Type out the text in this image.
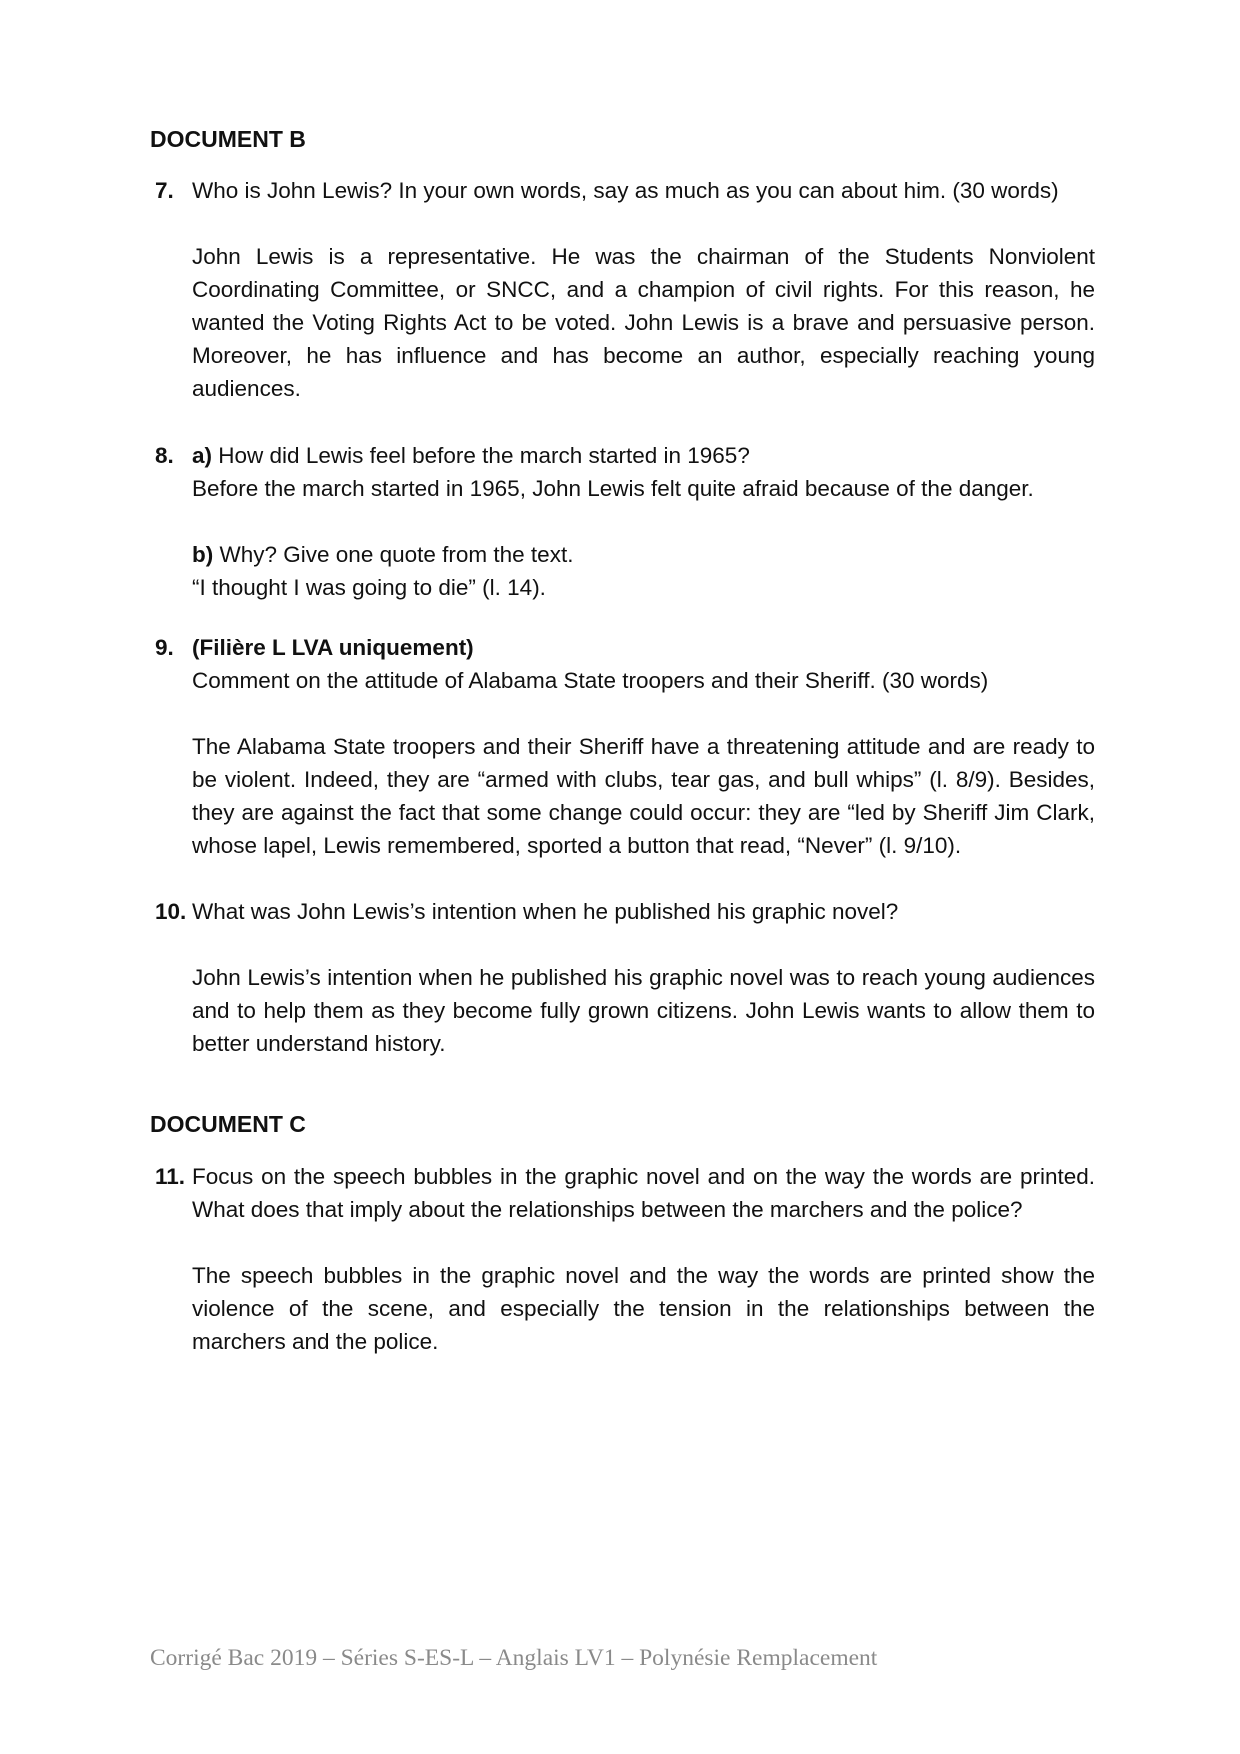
DOCUMENT B
7. Who is John Lewis? In your own words, say as much as you can about him. (30 words)

John Lewis is a representative. He was the chairman of the Students Nonviolent Coordinating Committee, or SNCC, and a champion of civil rights. For this reason, he wanted the Voting Rights Act to be voted. John Lewis is a brave and persuasive person. Moreover, he has influence and has become an author, especially reaching young audiences.

8. a) How did Lewis feel before the march started in 1965?

Before the march started in 1965, John Lewis felt quite afraid because of the danger.

b) Why? Give one quote from the text.

“I thought I was going to die” (l. 14).

9. (Filière L LVA uniquement)

Comment on the attitude of Alabama State troopers and their Sheriff. (30 words)

The Alabama State troopers and their Sheriff have a threatening attitude and are ready to be violent. Indeed, they are “armed with clubs, tear gas, and bull whips” (l. 8/9). Besides, they are against the fact that some change could occur: they are “led by Sheriff Jim Clark, whose lapel, Lewis remembered, sported a button that read, “Never” (l. 9/10).

10. What was John Lewis’s intention when he published his graphic novel?

John Lewis’s intention when he published his graphic novel was to reach young audiences and to help them as they become fully grown citizens. John Lewis wants to allow them to better understand history.

DOCUMENT C
11. Focus on the speech bubbles in the graphic novel and on the way the words are printed. What does that imply about the relationships between the marchers and the police?

The speech bubbles in the graphic novel and the way the words are printed show the violence of the scene, and especially the tension in the relationships between the marchers and the police.

Corrigé Bac 2019 – Séries S-ES-L – Anglais LV1 – Polynésie Remplacement
